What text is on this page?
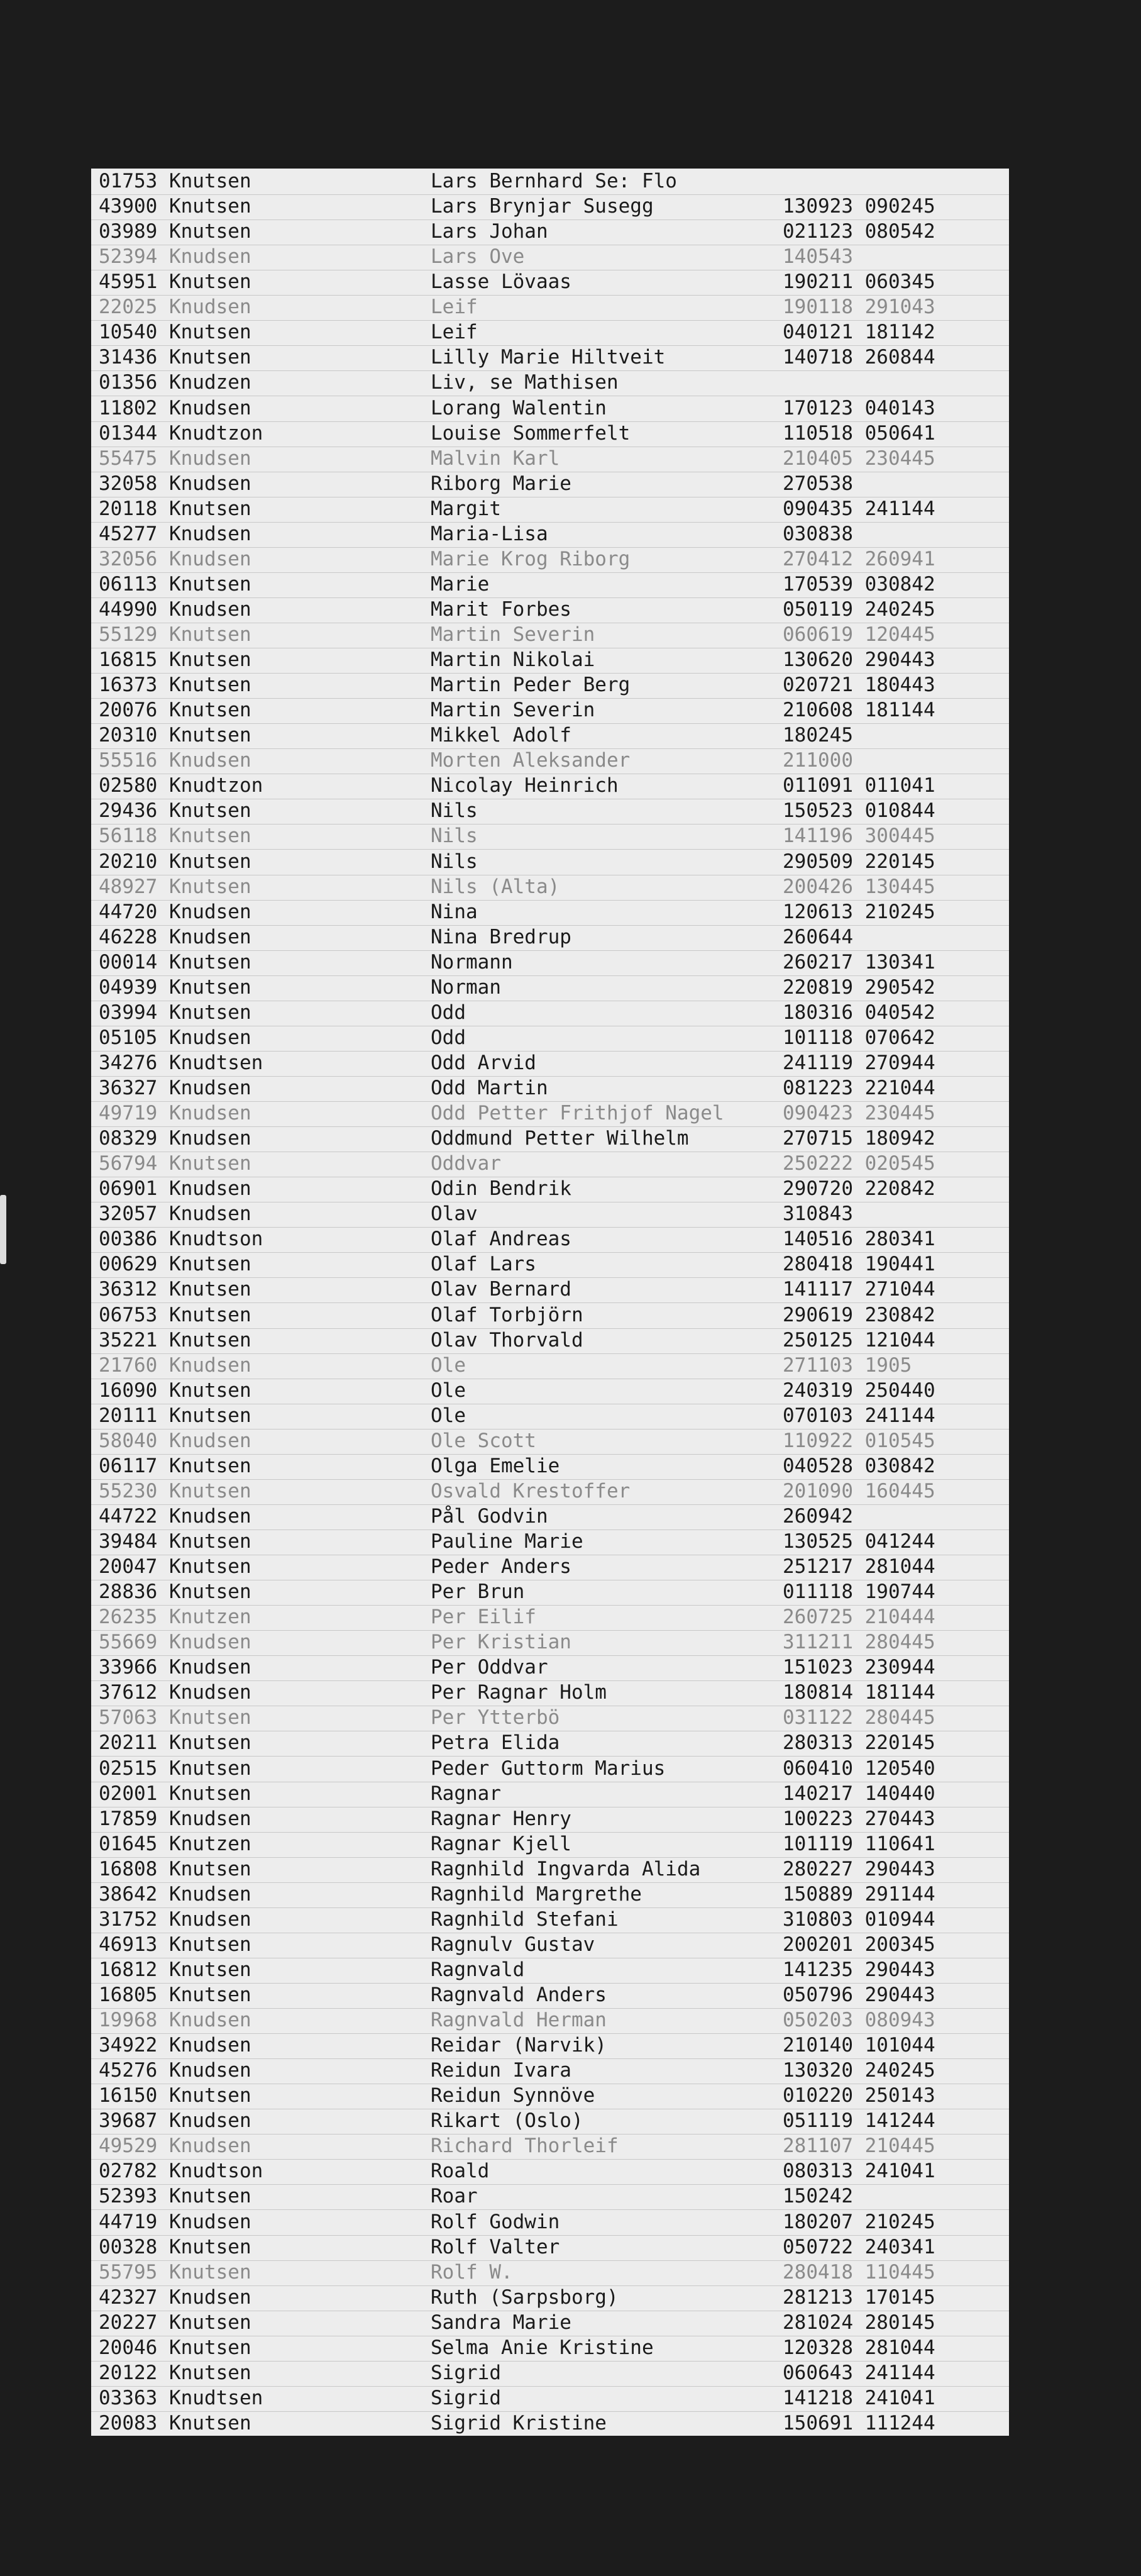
01753 Knutsen	Lars Bernhard Se: Flo
43900 Knutsen	Lars Brynjar Susegg	130923 090245
03989 Knutsen	Lars Johan	021123 080542
52394 Knudsen	Lars Ove	140543
45951 Knutsen	Lasse Lövaas	190211 060345
22025 Knudsen	Leif	190118 291043
10540 Knutsen	Leif	040121 181142
31436 Knutsen	Lilly Marie Hiltveit	140718 260844
01356 Knudzen	Liv, se Mathisen
11802 Knudsen	Lorang Walentin	170123 040143
01344 Knudtzon	Louise Sommerfelt	110518 050641
55475 Knudsen	Malvin Karl	210405 230445
32058 Knudsen	Riborg Marie	270538
20118 Knutsen	Margit	090435 241144
45277 Knudsen	Maria-Lisa	030838
32056 Knudsen	Marie Krog Riborg	270412 260941
06113 Knutsen	Marie	170539 030842
44990 Knudsen	Marit Forbes	050119 240245
55129 Knutsen	Martin Severin	060619 120445
16815 Knutsen	Martin Nikolai	130620 290443
16373 Knutsen	Martin Peder Berg	020721 180443
20076 Knutsen	Martin Severin	210608 181144
20310 Knutsen	Mikkel Adolf	180245
55516 Knudsen	Morten Aleksander	211000
02580 Knudtzon	Nicolay Heinrich	011091 011041
29436 Knutsen	Nils	150523 010844
56118 Knutsen	Nils	141196 300445
20210 Knutsen	Nils	290509 220145
48927 Knutsen	Nils (Alta)	200426 130445
44720 Knudsen	Nina	120613 210245
46228 Knudsen	Nina Bredrup	260644
00014 Knutsen	Normann	260217 130341
04939 Knutsen	Norman	220819 290542
03994 Knutsen	Odd	180316 040542
05105 Knudsen	Odd	101118 070642
34276 Knudtsen	Odd Arvid	241119 270944
36327 Knudsen	Odd Martin	081223 221044
49719 Knudsen	Odd Petter Frithjof Nagel	090423 230445
08329 Knudsen	Oddmund Petter Wilhelm	270715 180942
56794 Knutsen	Oddvar	250222 020545
06901 Knudsen	Odin Bendrik	290720 220842
32057 Knudsen	Olav	310843
00386 Knudtson	Olaf Andreas	140516 280341
00629 Knutsen	Olaf Lars	280418 190441
36312 Knutsen	Olav Bernard	141117 271044
06753 Knutsen	Olaf Torbjörn	290619 230842
35221 Knutsen	Olav Thorvald	250125 121044
21760 Knudsen	Ole	271103 1905
16090 Knutsen	Ole	240319 250440
20111 Knutsen	Ole	070103 241144
58040 Knudsen	Ole Scott	110922 010545
06117 Knutsen	Olga Emelie	040528 030842
55230 Knutsen	Osvald Krestoffer	201090 160445
44722 Knudsen	Pål Godvin	260942
39484 Knutsen	Pauline Marie	130525 041244
20047 Knutsen	Peder Anders	251217 281044
28836 Knutsen	Per Brun	011118 190744
26235 Knutzen	Per Eilif	260725 210444
55669 Knudsen	Per Kristian	311211 280445
33966 Knudsen	Per Oddvar	151023 230944
37612 Knudsen	Per Ragnar Holm	180814 181144
57063 Knutsen	Per Ytterbö	031122 280445
20211 Knutsen	Petra Elida	280313 220145
02515 Knutsen	Peder Guttorm Marius	060410 120540
02001 Knutsen	Ragnar	140217 140440
17859 Knudsen	Ragnar Henry	100223 270443
01645 Knutzen	Ragnar Kjell	101119 110641
16808 Knutsen	Ragnhild Ingvarda Alida	280227 290443
38642 Knudsen	Ragnhild Margrethe	150889 291144
31752 Knudsen	Ragnhild Stefani	310803 010944
46913 Knutsen	Ragnulv Gustav	200201 200345
16812 Knutsen	Ragnvald	141235 290443
16805 Knutsen	Ragnvald Anders	050796 290443
19968 Knudsen	Ragnvald Herman	050203 080943
34922 Knudsen	Reidar (Narvik)	210140 101044
45276 Knudsen	Reidun Ivara	130320 240245
16150 Knutsen	Reidun Synnöve	010220 250143
39687 Knudsen	Rikart (Oslo)	051119 141244
49529 Knudsen	Richard Thorleif	281107 210445
02782 Knudtson	Roald	080313 241041
52393 Knutsen	Roar	150242
44719 Knudsen	Rolf Godwin	180207 210245
00328 Knutsen	Rolf Valter	050722 240341
55795 Knutsen	Rolf W.	280418 110445
42327 Knudsen	Ruth (Sarpsborg)	281213 170145
20227 Knutsen	Sandra Marie	281024 280145
20046 Knutsen	Selma Anie Kristine	120328 281044
20122 Knutsen	Sigrid	060643 241144
03363 Knudtsen	Sigrid	141218 241041
20083 Knutsen	Sigrid Kristine	150691 111244
